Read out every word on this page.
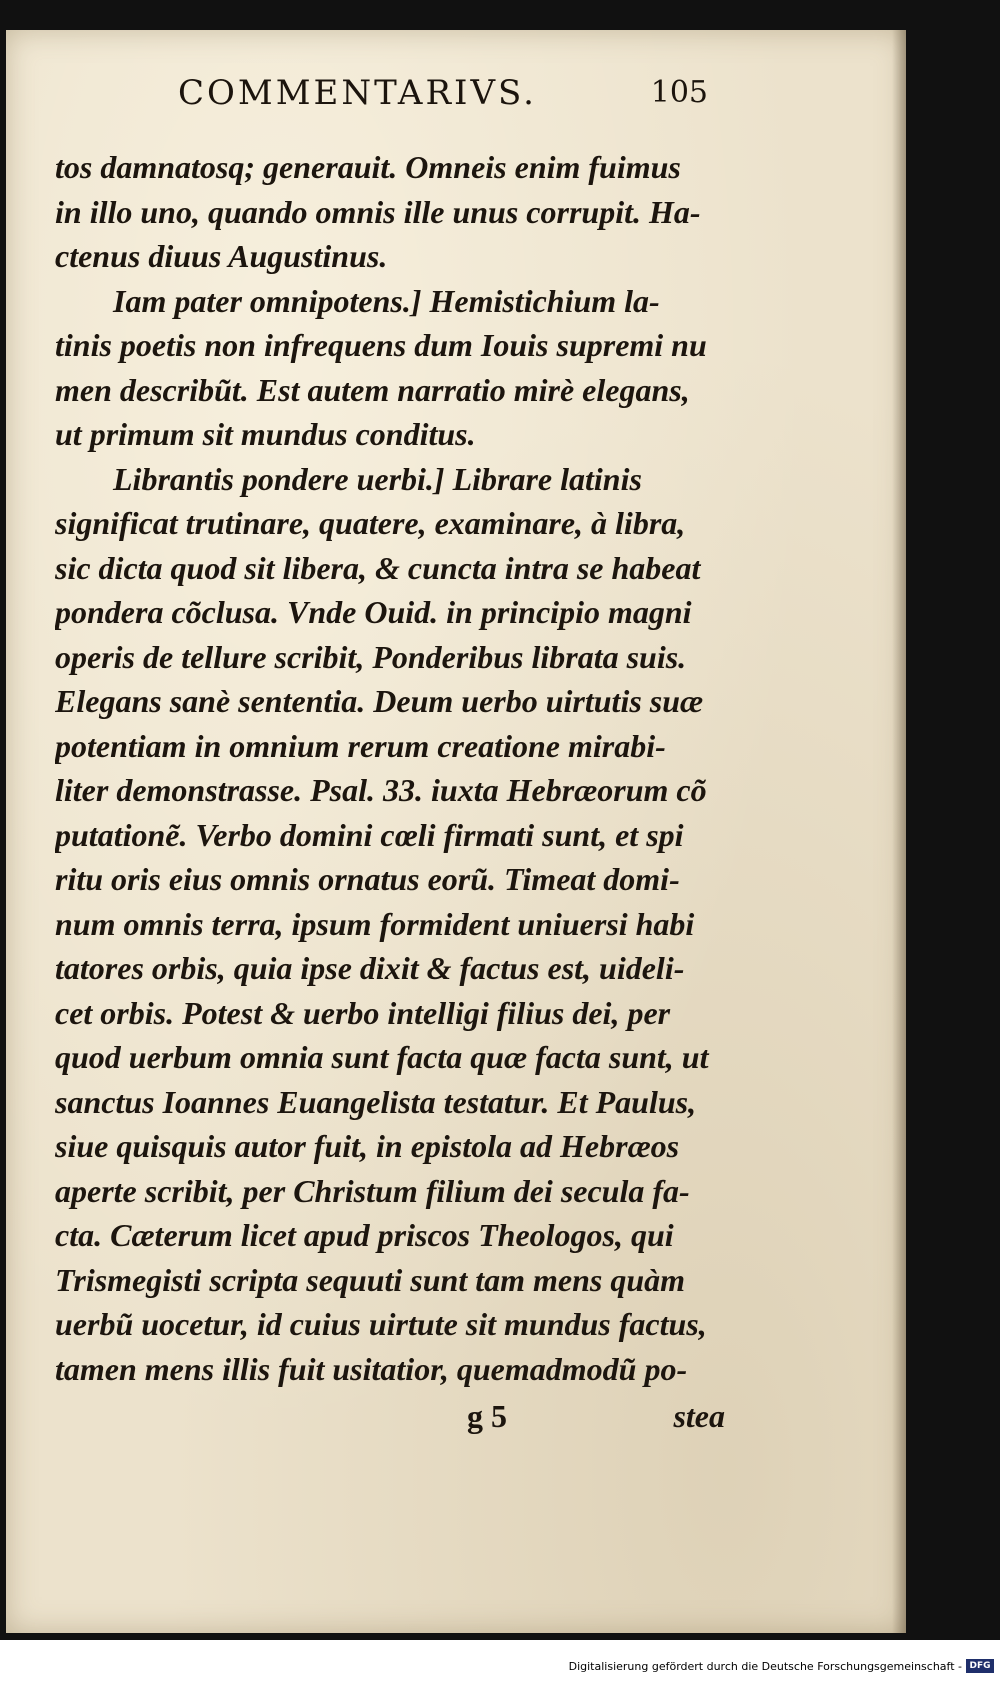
COMMENTARIVS.	105
tos damnatosq; generauit. Omneis enim fuimus
in illo uno, quando omnis ille unus corrupit. Ha-
ctenus diuus Augustinus.
Iam pater omnipotens.] Hemistichium la-
tinis poetis non infrequens dum Iouis supremi nu
men describũt. Est autem narratio mirè elegans,
ut primum sit mundus conditus.
Librantis pondere uerbi.] Librare latinis
significat trutinare, quatere, examinare, à libra,
sic dicta quod sit libera, & cuncta intra se habeat
pondera cõclusa. Vnde Ouid. in principio magni
operis de tellure scribit, Ponderibus librata suis.
Elegans sanè sententia. Deum uerbo uirtutis suæ
potentiam in omnium rerum creatione mirabi-
liter demonstrasse. Psal. 33. iuxta Hebræorum cõ
putationẽ. Verbo domini cœli firmati sunt, et spi
ritu oris eius omnis ornatus eorũ. Timeat domi-
num omnis terra, ipsum formident uniuersi habi
tatores orbis, quia ipse dixit & factus est, uideli-
cet orbis. Potest & uerbo intelligi filius dei, per
quod uerbum omnia sunt facta quæ facta sunt, ut
sanctus Ioannes Euangelista testatur. Et Paulus,
siue quisquis autor fuit, in epistola ad Hebræos
aperte scribit, per Christum filium dei secula fa-
cta. Cæterum licet apud priscos Theologos, qui
Trismegisti scripta sequuti sunt tam mens quàm
uerbũ uocetur, id cuius uirtute sit mundus factus,
tamen mens illis fuit usitatior, quemadmodũ po-
g 5	stea
Digitalisierung gefördert durch die Deutsche Forschungsgemeinschaft - DFG
